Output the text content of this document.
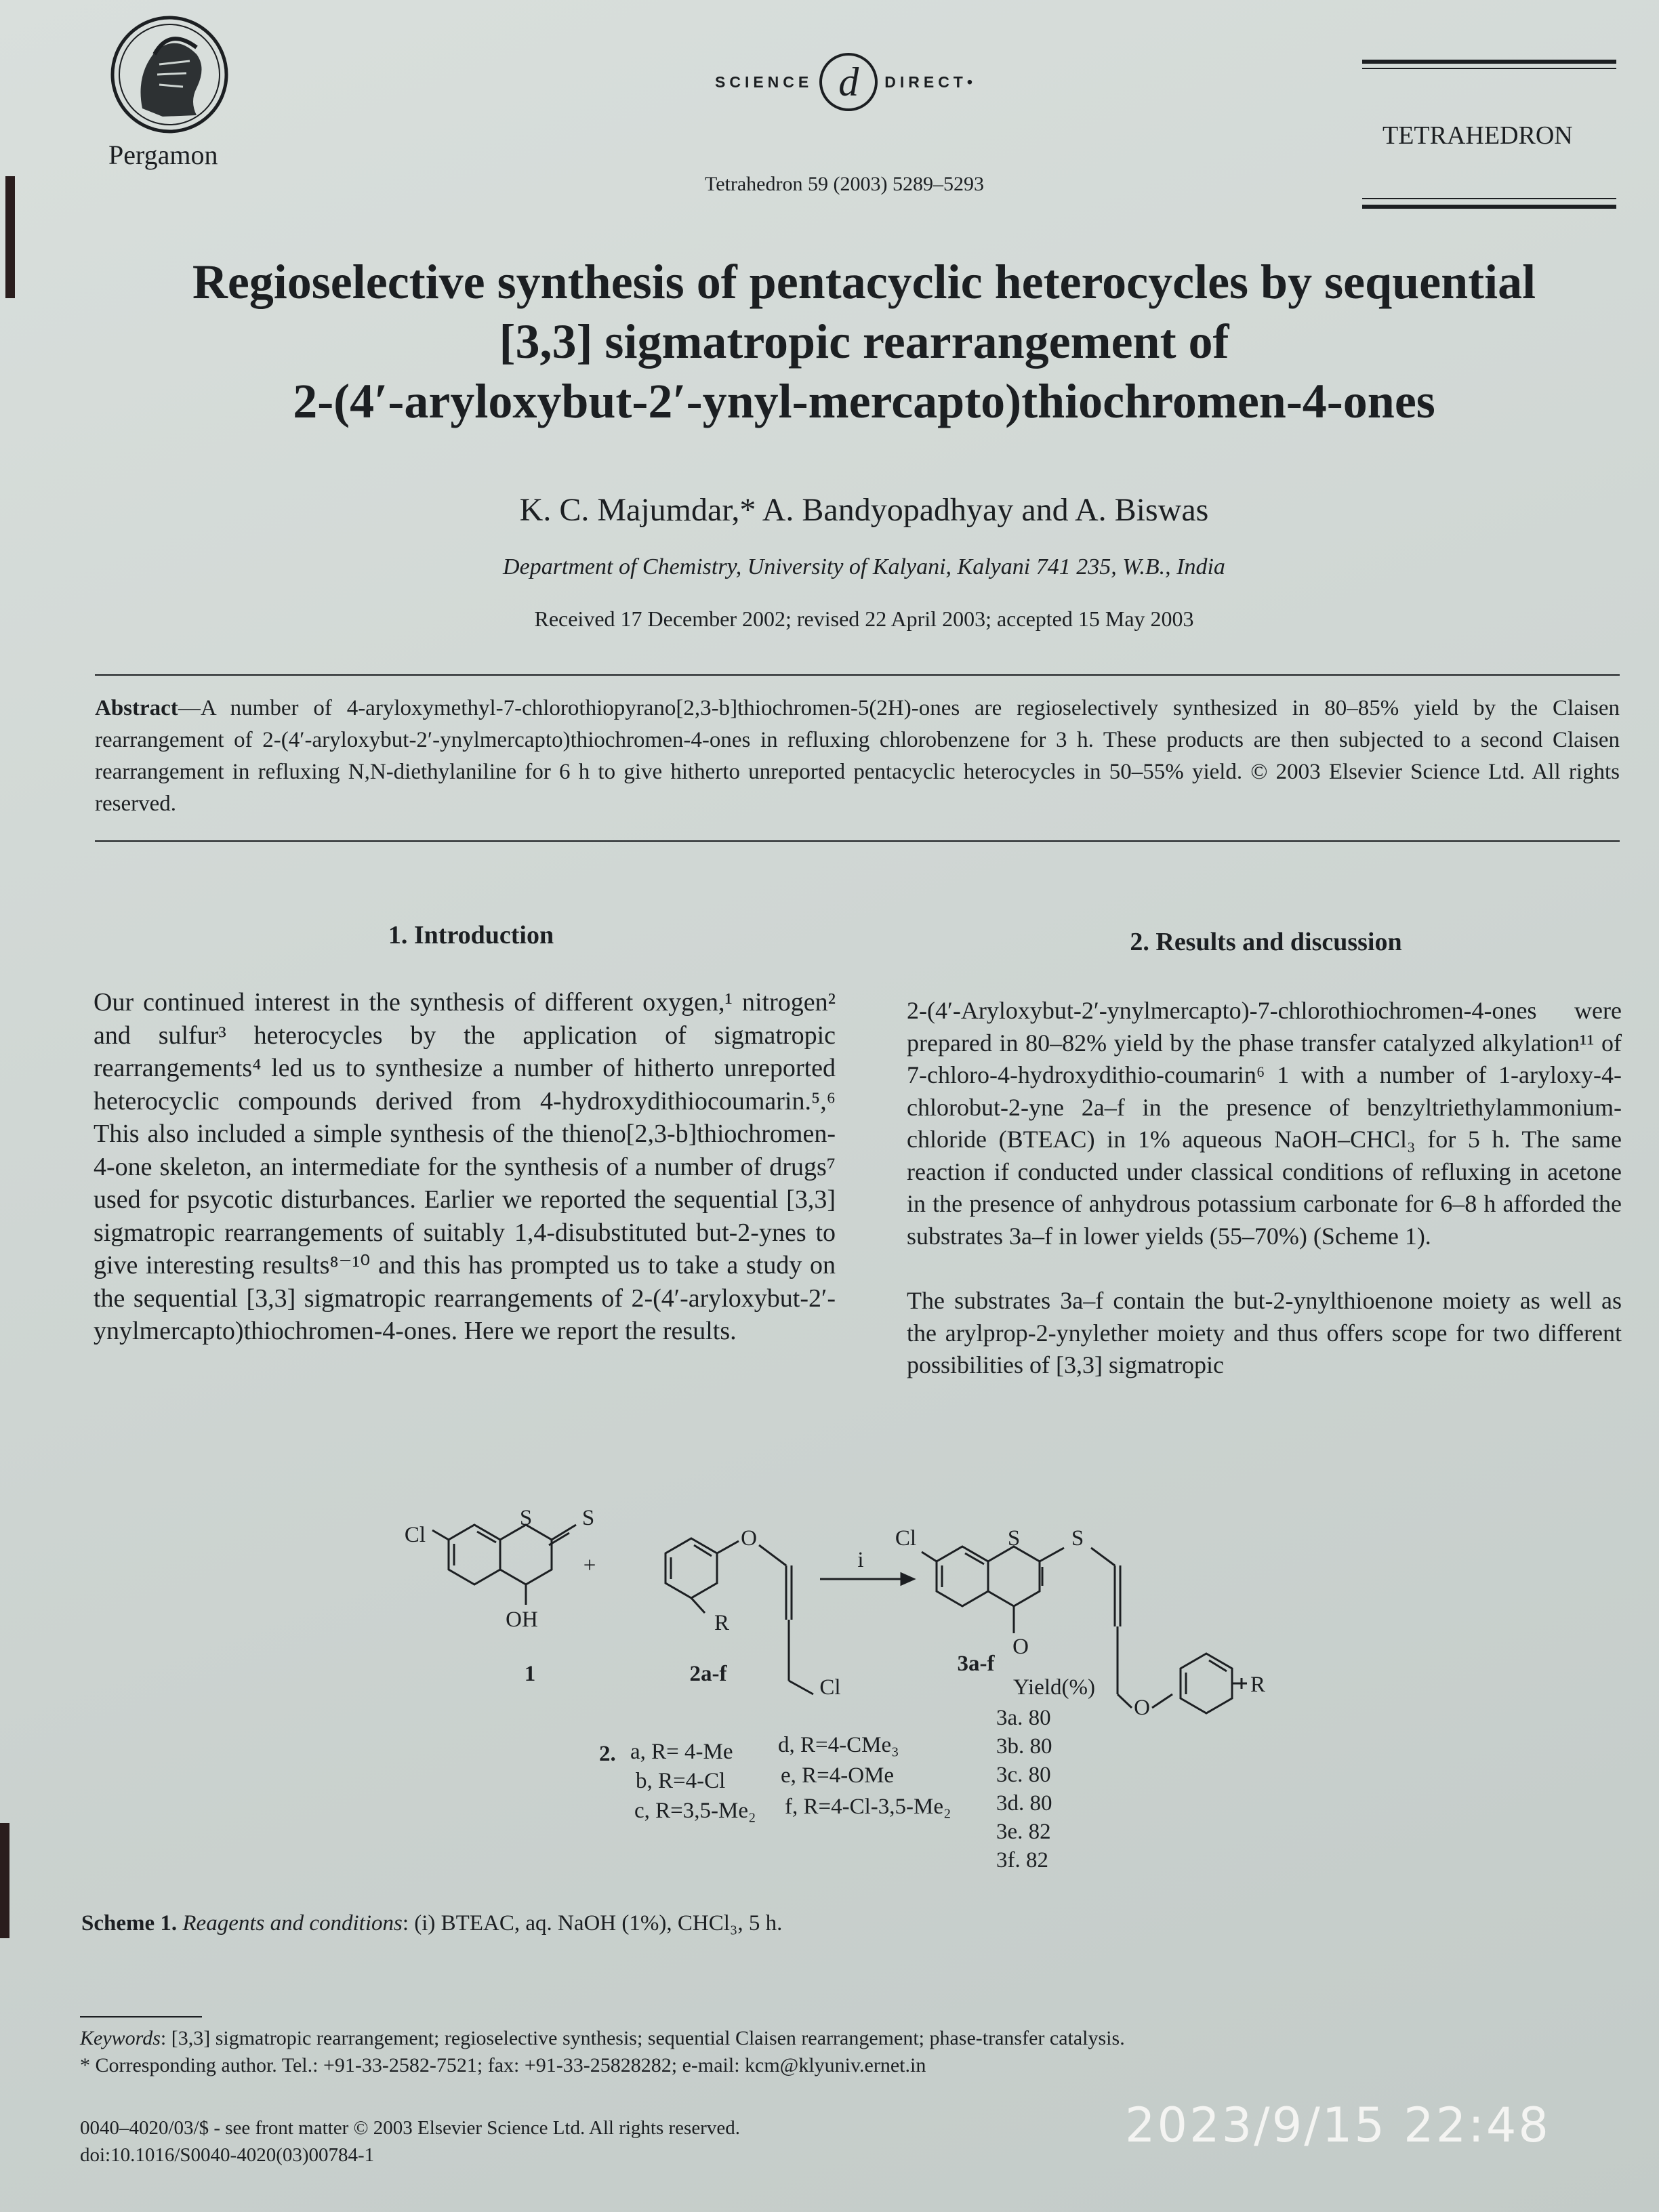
Pergamon
SCIENCE d	DIRECT•
Tetrahedron 59 (2003) 5289–5293
TETRAHEDRON
Regioselective synthesis of pentacyclic heterocycles by sequential
[3,3] sigmatropic rearrangement of
2-(4′-aryloxybut-2′-ynyl-mercapto)thiochromen-4-ones
K. C. Majumdar,* A. Bandyopadhyay and A. Biswas
Department of Chemistry, University of Kalyani, Kalyani 741 235, W.B., India
Received 17 December 2002; revised 22 April 2003; accepted 15 May 2003
Abstract—A number of 4-aryloxymethyl-7-chlorothiopyrano[2,3-b]thiochromen-5(2H)-ones are regioselectively synthesized in 80–85% yield by the Claisen rearrangement of 2-(4′-aryloxybut-2′-ynylmercapto)thiochromen-4-ones in refluxing chlorobenzene for 3 h. These products are then subjected to a second Claisen rearrangement in refluxing N,N-diethylaniline for 6 h to give hitherto unreported pentacyclic heterocycles in 50–55% yield. © 2003 Elsevier Science Ltd. All rights reserved.
1. Introduction	2. Results and discussion
Our continued interest in the synthesis of different oxygen,¹ nitrogen² and sulfur³ heterocycles by the application of sigmatropic rearrangements⁴ led us to synthesize a number of hitherto unreported heterocyclic compounds derived from 4-hydroxydithiocoumarin.⁵,⁶ This also included a simple synthesis of the thieno[2,3-b]thiochromen-4-one skeleton, an intermediate for the synthesis of a number of drugs⁷ used for psycotic disturbances. Earlier we reported the sequential [3,3] sigmatropic rearrangements of suitably 1,4-disubstituted but-2-ynes to give interesting results⁸⁻¹⁰ and this has prompted us to take a study on the sequential [3,3] sigmatropic rearrangements of 2-(4′-aryloxybut-2′-ynylmercapto)thiochromen-4-ones. Here we report the results.

2-(4′-Aryloxybut-2′-ynylmercapto)-7-chlorothiochromen-4-ones were prepared in 80–82% yield by the phase transfer catalyzed alkylation¹¹ of 7-chloro-4-hydroxydithio-coumarin⁶ 1 with a number of 1-aryloxy-4-chlorobut-2-yne 2a–f in the presence of benzyltriethylammonium-chloride (BTEAC) in 1% aqueous NaOH–CHCl₃ for 5 h. The same reaction if conducted under classical conditions of refluxing in acetone in the presence of anhydrous potassium carbonate for 6–8 h afforded the substrates 3a–f in lower yields (55–70%) (Scheme 1).

The substrates 3a–f contain the but-2-ynylthioenone moiety as well as the arylprop-2-ynylether moiety and thus offers scope for two different possibilities of [3,3] sigmatropic

Cl
S S
+
OH
1
O
R
2a-f
Cl
i
Cl	S S
O
3a-f
O
R
Yield(%)
3a. 80
3b. 80
3c. 80
3d. 80
3e. 82
3f. 82
2. a, R= 4-Me
b, R=4-Cl
c, R=3,5-Me₂
d, R=4-CMe₃
e, R=4-OMe
f, R=4-Cl-3,5-Me₂
Scheme 1. Reagents and conditions: (i) BTEAC, aq. NaOH (1%), CHCl₃, 5 h.
Keywords: [3,3] sigmatropic rearrangement; regioselective synthesis; sequential Claisen rearrangement; phase-transfer catalysis.
* Corresponding author. Tel.: +91-33-2582-7521; fax: +91-33-25828282; e-mail: kcm@klyuniv.ernet.in
0040–4020/03/$ - see front matter © 2003 Elsevier Science Ltd. All rights reserved.
doi:10.1016/S0040-4020(03)00784-1
2023/9/15 22:48
